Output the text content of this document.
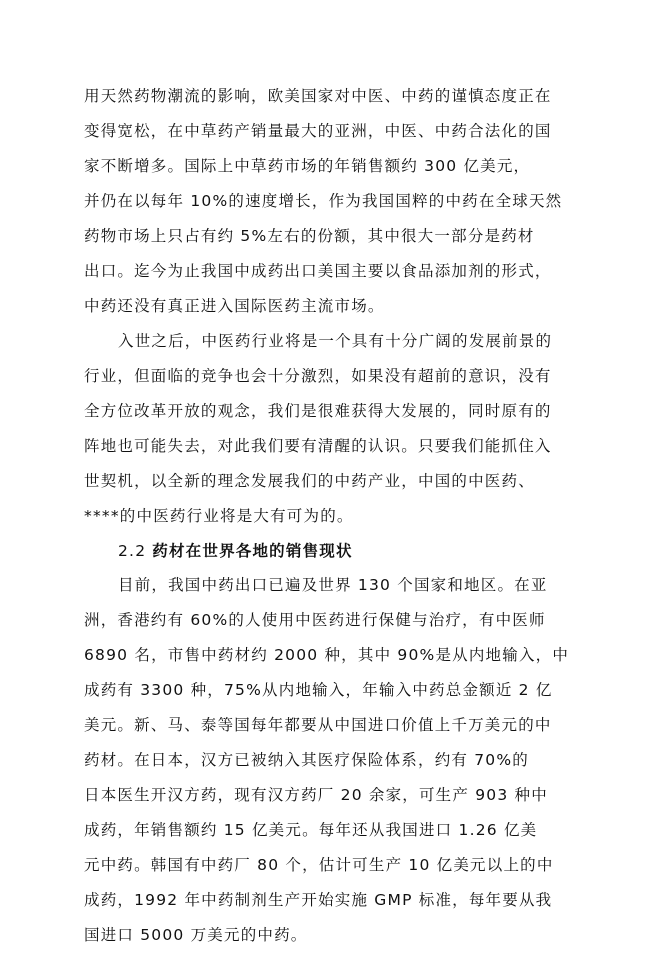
用天然药物潮流的影响，欧美国家对中医、中药的谨慎态度正在
变得宽松，在中草药产销量最大的亚洲，中医、中药合法化的国
家不断增多。国际上中草药市场的年销售额约 300 亿美元，
并仍在以每年 10%的速度增长，作为我国国粹的中药在全球天然
药物市场上只占有约 5%左右的份额，其中很大一部分是药材
出口。迄今为止我国中成药出口美国主要以食品添加剂的形式，
中药还没有真正进入国际医药主流市场。
入世之后，中医药行业将是一个具有十分广阔的发展前景的
行业，但面临的竞争也会十分激烈，如果没有超前的意识，没有
全方位改革开放的观念，我们是很难获得大发展的，同时原有的
阵地也可能失去，对此我们要有清醒的认识。只要我们能抓住入
世契机，以全新的理念发展我们的中药产业，中国的中医药、
****的中医药行业将是大有可为的。
2.2 药材在世界各地的销售现状
目前，我国中药出口已遍及世界 130 个国家和地区。在亚
洲，香港约有 60%的人使用中医药进行保健与治疗，有中医师
6890 名，市售中药材约 2000 种，其中 90%是从内地输入，中
成药有 3300 种，75%从内地输入，年输入中药总金额近 2 亿
美元。新、马、泰等国每年都要从中国进口价值上千万美元的中
药材。在日本，汉方已被纳入其医疗保险体系，约有 70%的
日本医生开汉方药，现有汉方药厂 20 余家，可生产 903 种中
成药，年销售额约 15 亿美元。每年还从我国进口 1.26 亿美
元中药。韩国有中药厂 80 个，估计可生产 10 亿美元以上的中
成药，1992 年中药制剂生产开始实施 GMP 标准，每年要从我
国进口 5000 万美元的中药。
